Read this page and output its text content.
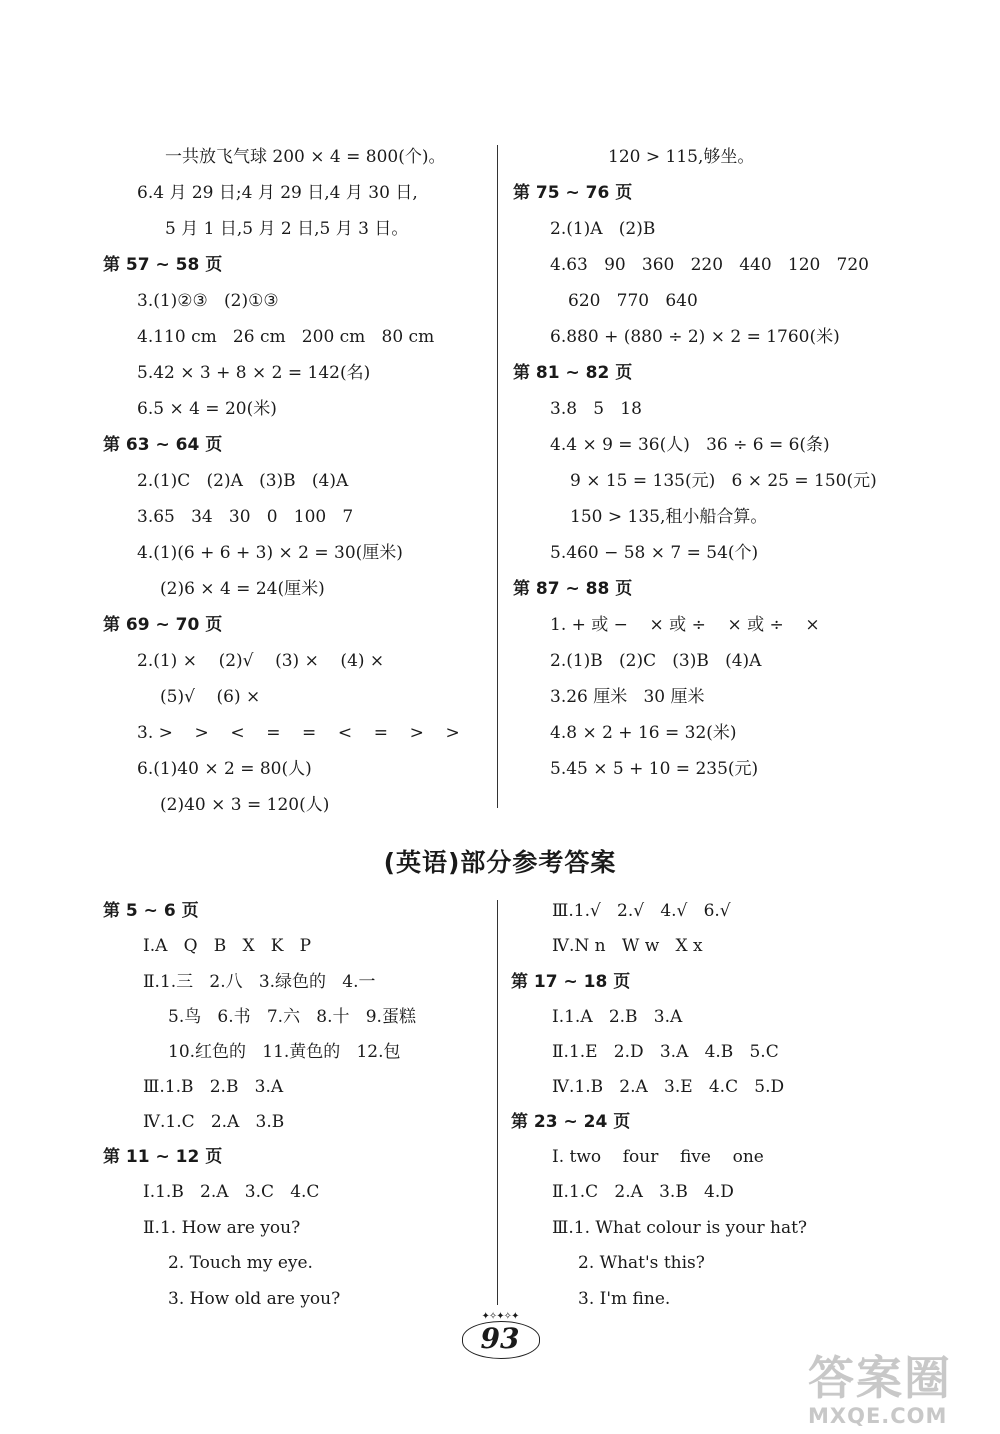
一共放飞气球 200 × 4 = 800(个)。
6.4 月 29 日;4 月 29 日,4 月 30 日,
5 月 1 日,5 月 2 日,5 月 3 日。
第 57 ~ 58 页
3.(1)②③   (2)①③
4.110 cm   26 cm   200 cm   80 cm
5.42 × 3 + 8 × 2 = 142(名)
6.5 × 4 = 20(米)
第 63 ~ 64 页
2.(1)C   (2)A   (3)B   (4)A
3.65   34   30   0   100   7
4.(1)(6 + 6 + 3) × 2 = 30(厘米)
(2)6 × 4 = 24(厘米)
第 69 ~ 70 页
2.(1) ×    (2)√    (3) ×    (4) ×
(5)√    (6) ×
3. >    >    <    =    =    <    =    >    >
6.(1)40 × 2 = 80(人)
(2)40 × 3 = 120(人)
120 > 115,够坐。
第 75 ~ 76 页
2.(1)A   (2)B
4.63   90   360   220   440   120   720
620   770   640
6.880 + (880 ÷ 2) × 2 = 1760(米)
第 81 ~ 82 页
3.8   5   18
4.4 × 9 = 36(人)   36 ÷ 6 = 6(条)
9 × 15 = 135(元)   6 × 25 = 150(元)
150 > 135,租小船合算。
5.460 − 58 × 7 = 54(个)
第 87 ~ 88 页
1. + 或 −    × 或 ÷    × 或 ÷    ×
2.(1)B   (2)C   (3)B   (4)A
3.26 厘米   30 厘米
4.8 × 2 + 16 = 32(米)
5.45 × 5 + 10 = 235(元)
(英语)部分参考答案
第 5 ~ 6 页
Ⅰ.A   Q   B   X   K   P
Ⅱ.1.三   2.八   3.绿色的   4.一
5.鸟   6.书   7.六   8.十   9.蛋糕
10.红色的   11.黄色的   12.包
Ⅲ.1.B   2.B   3.A
Ⅳ.1.C   2.A   3.B
第 11 ~ 12 页
Ⅰ.1.B   2.A   3.C   4.C
Ⅱ.1. How are you?
2. Touch my eye.
3. How old are you?
Ⅲ.1.√   2.√   4.√   6.√
Ⅳ.N n   W w   X x
第 17 ~ 18 页
Ⅰ.1.A   2.B   3.A
Ⅱ.1.E   2.D   3.A   4.B   5.C
Ⅳ.1.B   2.A   3.E   4.C   5.D
第 23 ~ 24 页
Ⅰ. two    four    five    one
Ⅱ.1.C   2.A   3.B   4.D
Ⅲ.1. What colour is your hat?
2. What's this?
3. I'm fine.
✦✧✦✧✦
93
答案圈
MXQE.COM
